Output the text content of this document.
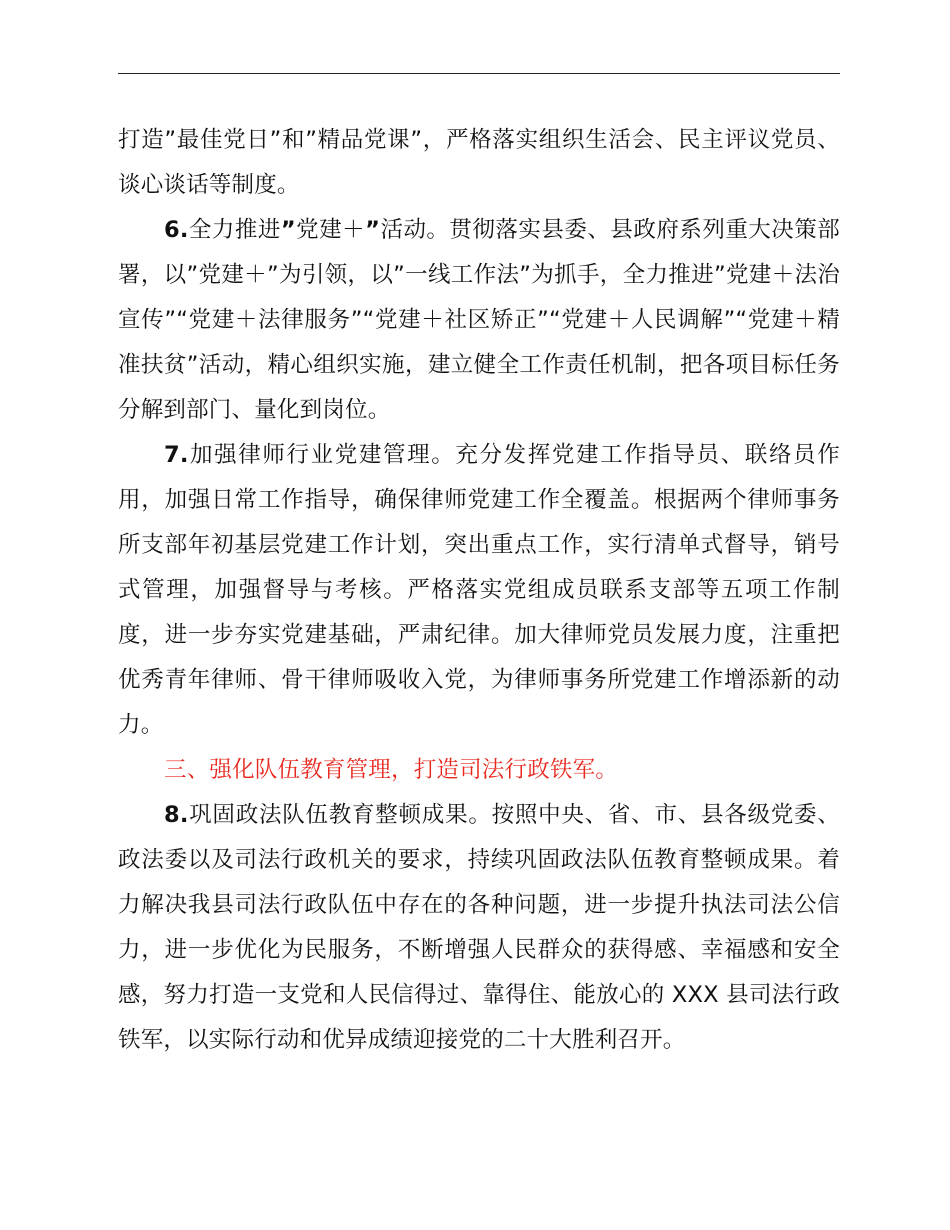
打造”最佳党日”和”精品党课”，严格落实组织生活会、民主评议党员、谈心谈话等制度。

6.全力推进”党建＋”活动。贯彻落实县委、县政府系列重大决策部署，以”党建＋”为引领，以”一线工作法”为抓手，全力推进”党建＋法治宣传”“党建＋法律服务”“党建＋社区矫正”“党建＋人民调解”“党建＋精准扶贫”活动，精心组织实施，建立健全工作责任机制，把各项目标任务分解到部门、量化到岗位。

7.加强律师行业党建管理。充分发挥党建工作指导员、联络员作用，加强日常工作指导，确保律师党建工作全覆盖。根据两个律师事务所支部年初基层党建工作计划，突出重点工作，实行清单式督导，销号式管理，加强督导与考核。严格落实党组成员联系支部等五项工作制度，进一步夯实党建基础，严肃纪律。加大律师党员发展力度，注重把优秀青年律师、骨干律师吸收入党，为律师事务所党建工作增添新的动力。

三、强化队伍教育管理，打造司法行政铁军。

8.巩固政法队伍教育整顿成果。按照中央、省、市、县各级党委、政法委以及司法行政机关的要求，持续巩固政法队伍教育整顿成果。着力解决我县司法行政队伍中存在的各种问题，进一步提升执法司法公信力，进一步优化为民服务，不断增强人民群众的获得感、幸福感和安全感，努力打造一支党和人民信得过、靠得住、能放心的 XXX 县司法行政铁军，以实际行动和优异成绩迎接党的二十大胜利召开。
